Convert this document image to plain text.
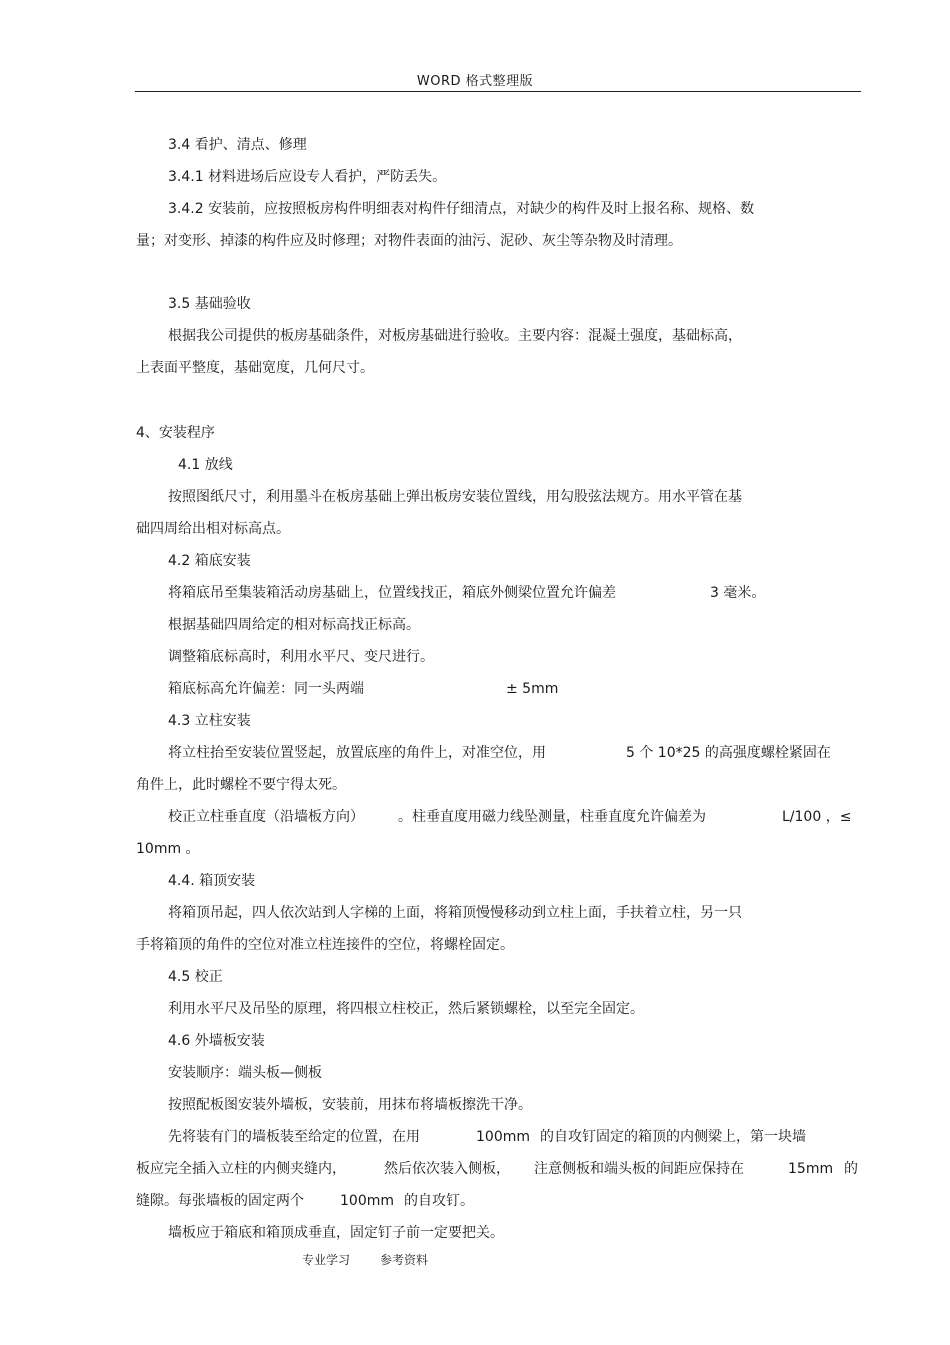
WORD 格式整理版
3.4 看护、清点、修理
3.4.1 材料进场后应设专人看护，严防丢失。
3.4.2 安装前，应按照板房构件明细表对构件仔细清点，对缺少的构件及时上报名称、规格、数
量；对变形、掉漆的构件应及时修理；对物件表面的油污、泥砂、灰尘等杂物及时清理。
3.5 基础验收
根据我公司提供的板房基础条件，对板房基础进行验收。主要内容：混凝土强度，基础标高，
上表面平整度，基础宽度，几何尺寸。
4、安装程序
4.1 放线
按照图纸尺寸，利用墨斗在板房基础上弹出板房安装位置线，用勾股弦法规方。用水平管在基
础四周给出相对标高点。
4.2 箱底安装
将箱底吊至集装箱活动房基础上，位置线找正，箱底外侧梁位置允许偏差	3 毫米。
根据基础四周给定的相对标高找正标高。
调整箱底标高时，利用水平尺、变尺进行。
箱底标高允许偏差：同一头两端	± 5mm
4.3 立柱安装
将立柱抬至安装位置竖起，放置底座的角件上，对准空位，用	5 个 10*25 的高强度螺栓紧固在
角件上，此时螺栓不要宁得太死。
校正立柱垂直度（沿墙板方向） 。柱垂直度用磁力线坠测量，柱垂直度允许偏差为	L/100 ，≤
10mm 。
4.4. 箱顶安装
将箱顶吊起，四人依次站到人字梯的上面，将箱顶慢慢移动到立柱上面，手扶着立柱，另一只
手将箱顶的角件的空位对准立柱连接件的空位，将螺栓固定。
4.5 校正
利用水平尺及吊坠的原理，将四根立柱校正，然后紧锁螺栓，以至完全固定。
4.6 外墙板安装
安装顺序：端头板—侧板
按照配板图安装外墙板，安装前，用抹布将墙板擦洗干净。
先将装有门的墙板装至给定的位置，在用	100mm 的自攻钉固定的箱顶的内侧梁上，第一块墙
板应完全插入立柱的内侧夹缝内，	然后依次装入侧板， 注意侧板和端头板的间距应保持在	15mm 的
缝隙。每张墙板的固定两个	100mm 的自攻钉。
墙板应于箱底和箱顶成垂直，固定钉子前一定要把关。
专业学习 参考资料
